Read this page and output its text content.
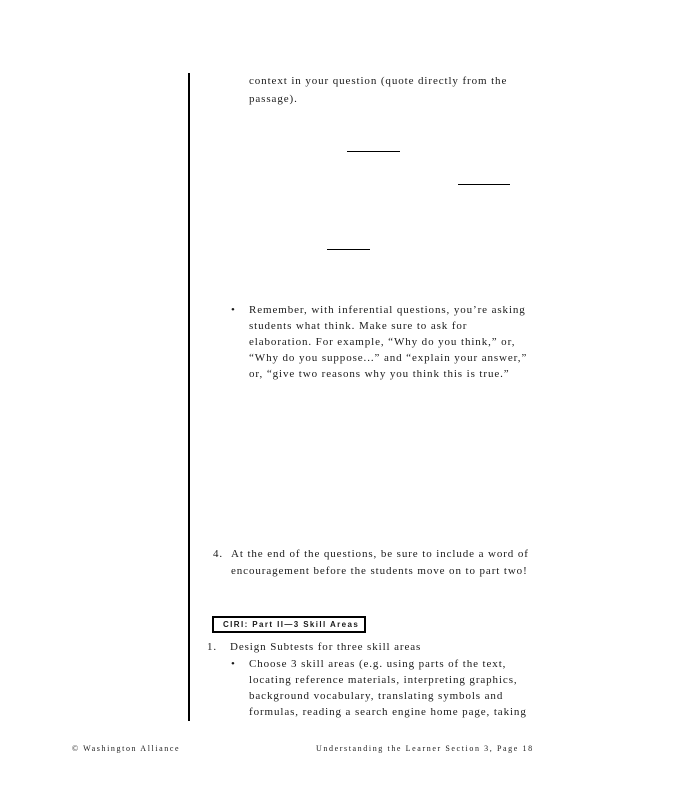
context in your question (quote directly from the
passage).
• Remember, with inferential questions, you’re asking
students what think. Make sure to ask for
elaboration. For example, “Why do you think,” or,
“Why do you suppose...” and “explain your answer,”
or, “give two reasons why you think this is true.”
4. At the end of the questions, be sure to include a word of
encouragement before the students move on to part two!
CIRI: Part II—3 Skill Areas
1. Design Subtests for three skill areas
• Choose 3 skill areas (e.g. using parts of the text,
locating reference materials, interpreting graphics,
background vocabulary, translating symbols and
formulas, reading a search engine home page, taking
© Washington Alliance	Understanding the Learner Section 3, Page 18
